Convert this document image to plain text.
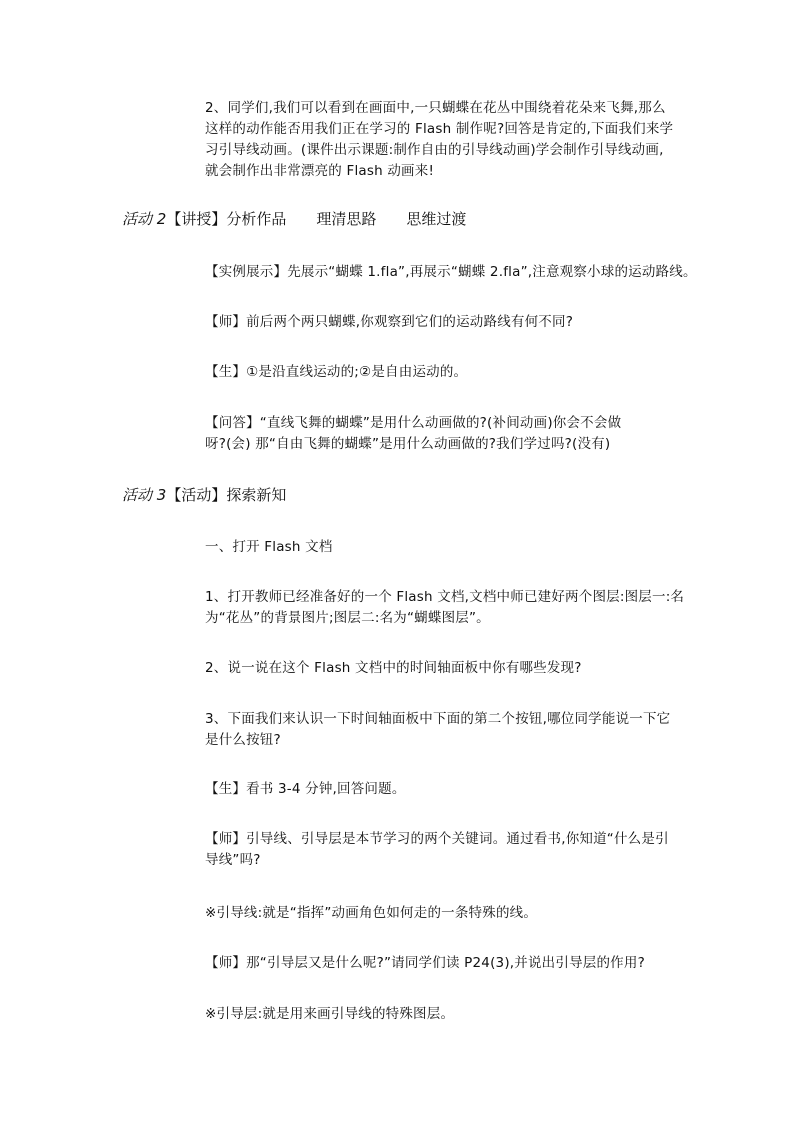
2、同学们,我们可以看到在画面中,一只蝴蝶在花丛中围绕着花朵来飞舞,那么
这样的动作能否用我们正在学习的 Flash 制作呢?回答是肯定的,下面我们来学
习引导线动画。(课件出示课题:制作自由的引导线动画)学会制作引导线动画,
就会制作出非常漂亮的 Flash 动画来!
活动 2【讲授】分析作品 理清思路 思维过渡
【实例展示】先展示“蝴蝶 1.fla”,再展示“蝴蝶 2.fla”,注意观察小球的运动路线。
【师】前后两个两只蝴蝶,你观察到它们的运动路线有何不同?
【生】①是沿直线运动的;②是自由运动的。
【问答】“直线飞舞的蝴蝶”是用什么动画做的?(补间动画)你会不会做
呀?(会) 那“自由飞舞的蝴蝶”是用什么动画做的?我们学过吗?(没有)
活动 3【活动】探索新知
一、打开 Flash 文档
1、打开教师已经准备好的一个 Flash 文档,文档中师已建好两个图层:图层一:名
为“花丛”的背景图片;图层二:名为“蝴蝶图层”。
2、说一说在这个 Flash 文档中的时间轴面板中你有哪些发现?
3、下面我们来认识一下时间轴面板中下面的第二个按钮,哪位同学能说一下它
是什么按钮?
【生】看书 3-4 分钟,回答问题。
【师】引导线、引导层是本节学习的两个关键词。通过看书,你知道“什么是引
导线”吗?
※引导线:就是“指挥”动画角色如何走的一条特殊的线。
【师】那“引导层又是什么呢?”请同学们读 P24(3),并说出引导层的作用?
※引导层:就是用来画引导线的特殊图层。
